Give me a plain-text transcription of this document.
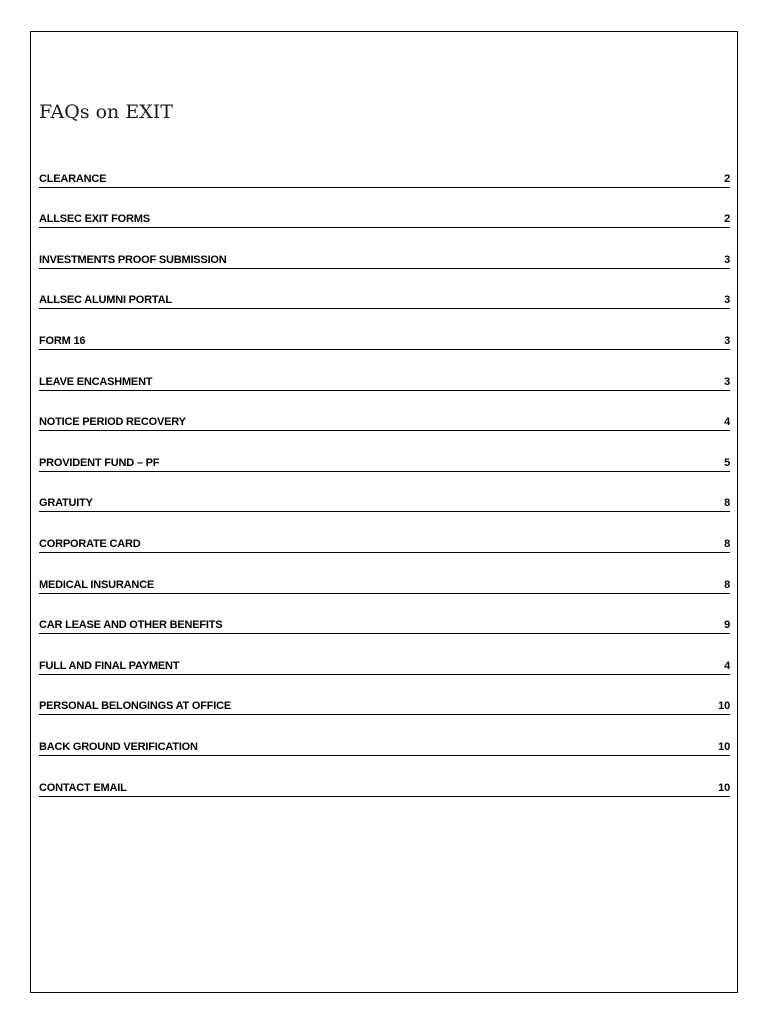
FAQs on EXIT
CLEARANCE	2
ALLSEC EXIT FORMS	2
INVESTMENTS PROOF SUBMISSION	3
ALLSEC ALUMNI PORTAL	3
FORM 16	3
LEAVE ENCASHMENT	3
NOTICE PERIOD RECOVERY	4
PROVIDENT FUND – PF	5
GRATUITY	8
CORPORATE CARD	8
MEDICAL INSURANCE	8
CAR LEASE AND OTHER BENEFITS	9
FULL AND FINAL PAYMENT	4
PERSONAL BELONGINGS AT OFFICE	10
BACK GROUND VERIFICATION	10
CONTACT EMAIL	10
